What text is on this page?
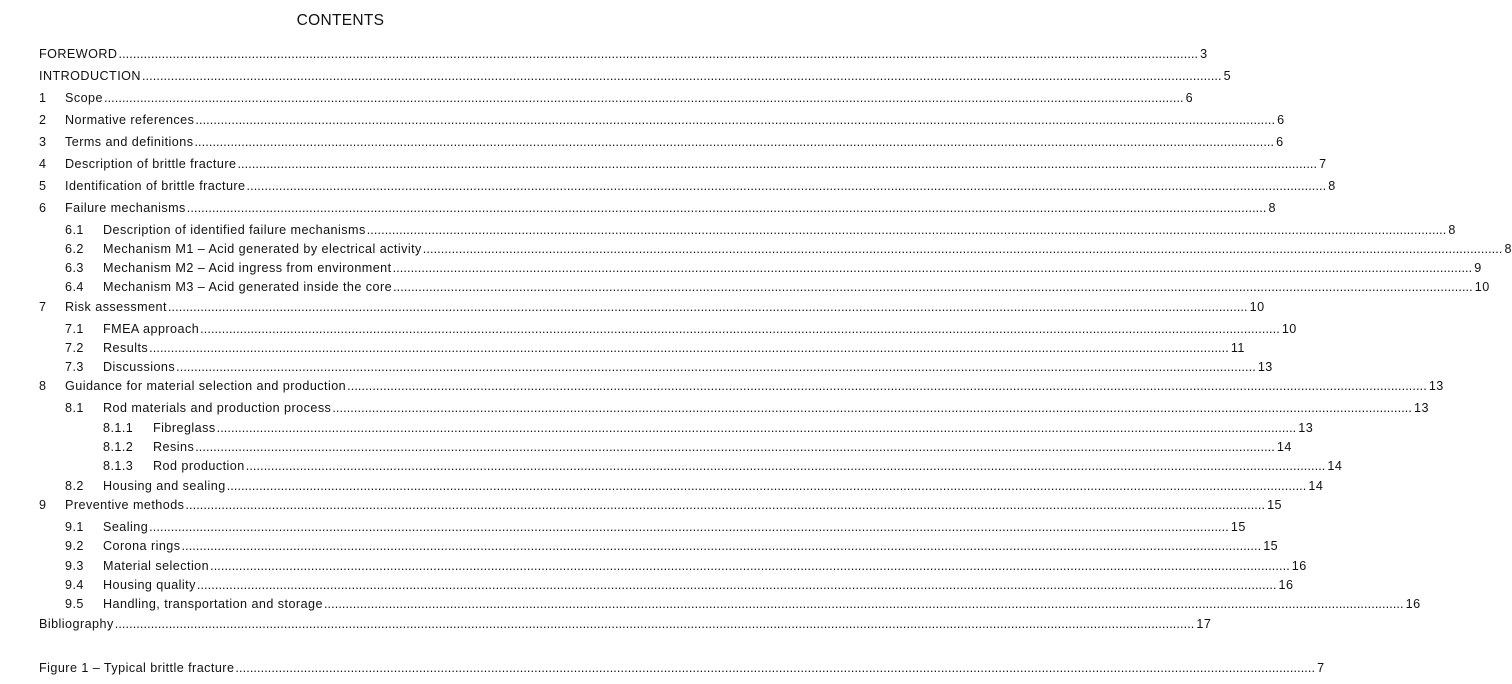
CONTENTS
FOREWORD ............................................................................................................................................................................................................................................................................................................ 3
INTRODUCTION ............................................................................................................................................................................................................................................................................................................ 5
1	Scope ............................................................................................................................................................................................................................................................................................................ 6
2	Normative references ............................................................................................................................................................................................................................................................................................................ 6
3	Terms and definitions ............................................................................................................................................................................................................................................................................................................ 6
4	Description of brittle fracture ............................................................................................................................................................................................................................................................................................................ 7
5	Identification of brittle fracture ............................................................................................................................................................................................................................................................................................................ 8
6	Failure mechanisms ............................................................................................................................................................................................................................................................................................................ 8
6.1	Description of identified failure mechanisms ............................................................................................................................................................................................................................................................................................................ 8
6.2	Mechanism M1 – Acid generated by electrical activity ............................................................................................................................................................................................................................................................................................................ 8
6.3	Mechanism M2 – Acid ingress from environment ............................................................................................................................................................................................................................................................................................................ 9
6.4	Mechanism M3 – Acid generated inside the core ............................................................................................................................................................................................................................................................................................................ 10
7	Risk assessment ............................................................................................................................................................................................................................................................................................................ 10
7.1	FMEA approach ............................................................................................................................................................................................................................................................................................................ 10
7.2	Results ............................................................................................................................................................................................................................................................................................................ 11
7.3	Discussions ............................................................................................................................................................................................................................................................................................................ 13
8	Guidance for material selection and production ............................................................................................................................................................................................................................................................................................................ 13
8.1	Rod materials and production process ............................................................................................................................................................................................................................................................................................................ 13
8.1.1	Fibreglass ............................................................................................................................................................................................................................................................................................................ 13
8.1.2	Resins ............................................................................................................................................................................................................................................................................................................ 14
8.1.3	Rod production ............................................................................................................................................................................................................................................................................................................ 14
8.2	Housing and sealing ............................................................................................................................................................................................................................................................................................................ 14
9	Preventive methods ............................................................................................................................................................................................................................................................................................................ 15
9.1	Sealing ............................................................................................................................................................................................................................................................................................................ 15
9.2	Corona rings ............................................................................................................................................................................................................................................................................................................ 15
9.3	Material selection ............................................................................................................................................................................................................................................................................................................ 16
9.4	Housing quality ............................................................................................................................................................................................................................................................................................................ 16
9.5	Handling, transportation and storage ............................................................................................................................................................................................................................................................................................................ 16
Bibliography ............................................................................................................................................................................................................................................................................................................ 17
Figure 1 – Typical brittle fracture ............................................................................................................................................................................................................................................................................................................ 7
